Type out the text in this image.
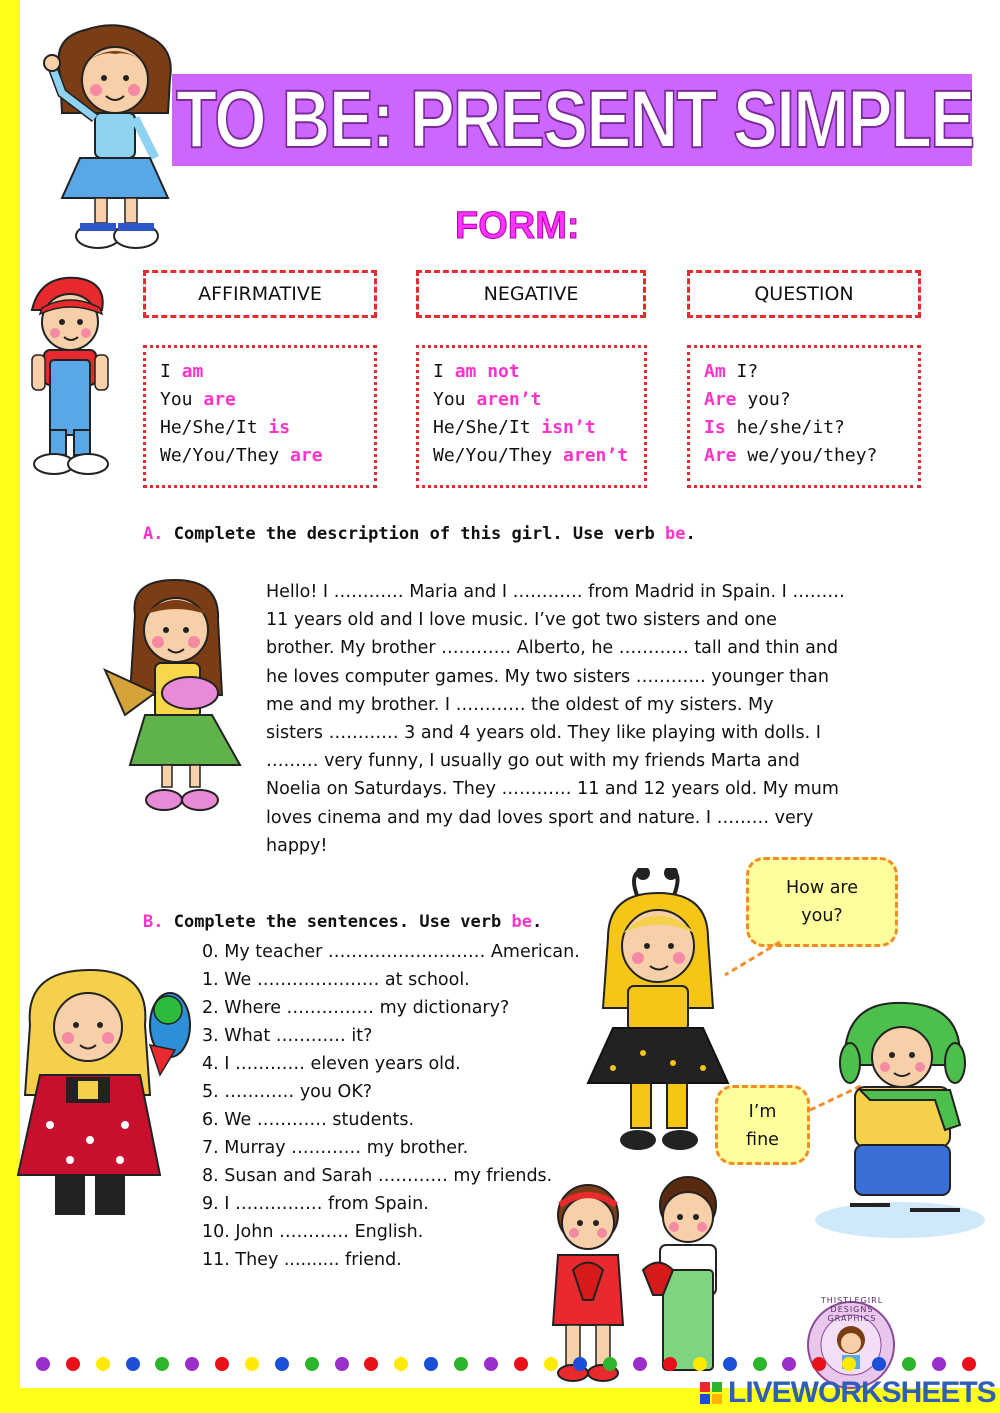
TO BE: PRESENT SIMPLE
FORM:
AFFIRMATIVE
I am
You are
He/She/It is
We/You/They are
NEGATIVE
I am not
You aren’t
He/She/It isn’t
We/You/They aren’t
QUESTION
Am I?
Are you?
Is he/she/it?
Are we/you/they?
A. Complete the description of this girl. Use verb be.
Hello! I ………… Maria and I ………… from Madrid in Spain. I ………
11 years old and I love music. I’ve got two sisters and one
brother. My brother ………… Alberto, he ………… tall and thin and
he loves computer games. My two sisters ………… younger than
me and my brother. I ………… the oldest of my sisters. My
sisters ………… 3 and 4 years old. They like playing with dolls. I
……… very funny, I usually go out with my friends Marta and
Noelia on Saturdays. They ………… 11 and 12 years old. My mum
loves cinema and my dad loves sport and nature. I ……… very
happy!
B. Complete the sentences. Use verb be.
0. My teacher ……………………… American.
1. We ………………… at school.
2. Where …………… my dictionary?
3. What ………… it?
4. I ………… eleven years old.
5. ………… you OK?
6. We ………… students.
7. Murray ………… my brother.
8. Susan and Sarah ………… my friends.
9. I …………… from Spain.
10. John ………… English.
11. They .......... friend.
How are
you?
I’m
fine
THISTLEGIRL DESIGNS GRAPHICS
LIVEWORKSHEETS
